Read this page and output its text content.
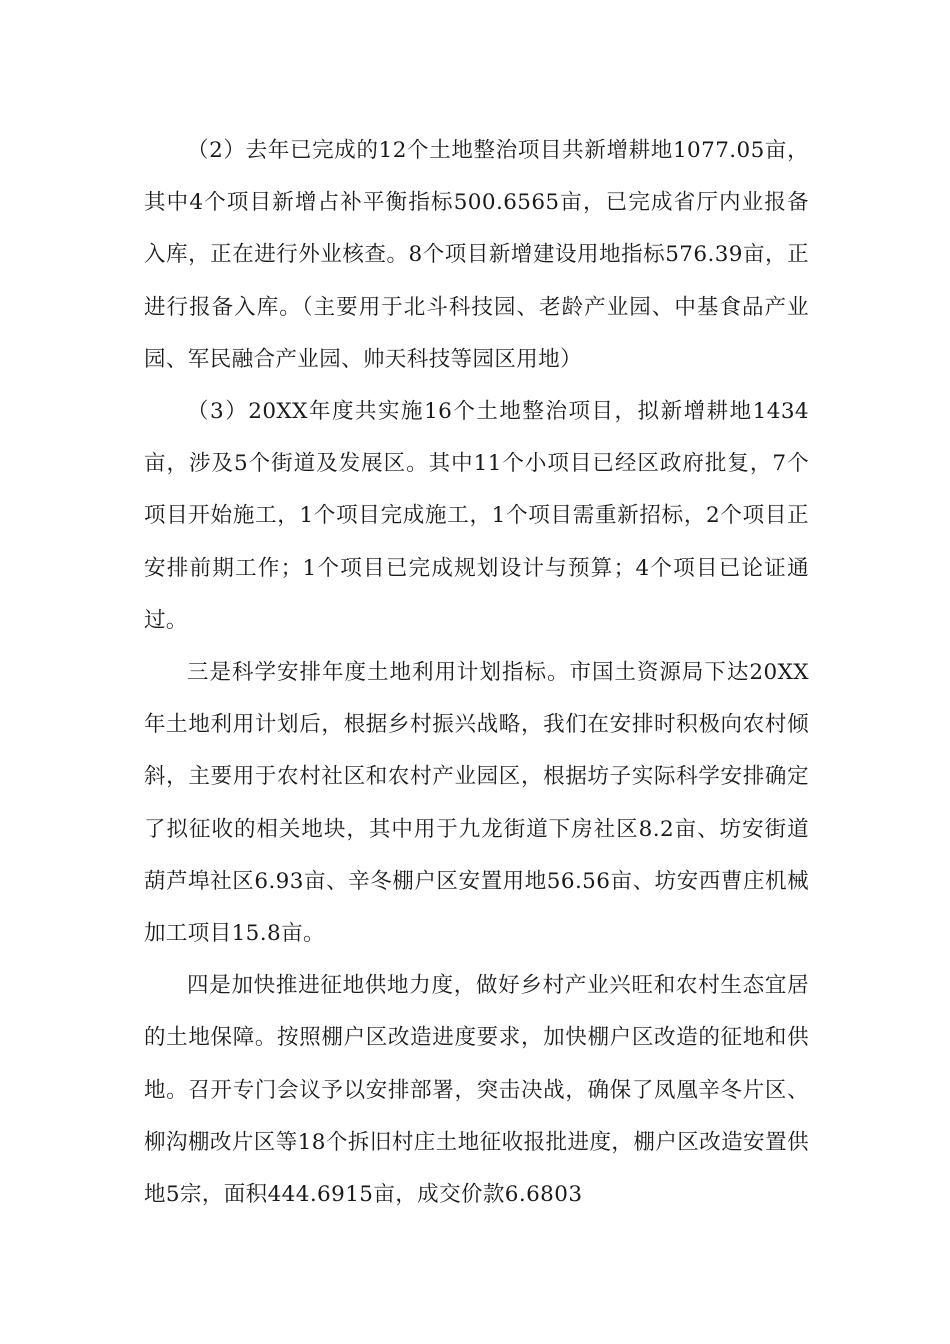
（2）去年已完成的12个土地整治项目共新增耕地1077.05亩，其中4个项目新增占补平衡指标500.6565亩，已完成省厅内业报备入库，正在进行外业核查。8个项目新增建设用地指标576.39亩，正进行报备入库。（主要用于北斗科技园、老龄产业园、中基食品产业园、军民融合产业园、帅天科技等园区用地）

（3）20XX年度共实施16个土地整治项目，拟新增耕地1434亩，涉及5个街道及发展区。其中11个小项目已经区政府批复，7个项目开始施工，1个项目完成施工，1个项目需重新招标，2个项目正安排前期工作；1个项目已完成规划设计与预算；4个项目已论证通过。

三是科学安排年度土地利用计划指标。市国土资源局下达20XX年土地利用计划后，根据乡村振兴战略，我们在安排时积极向农村倾斜，主要用于农村社区和农村产业园区，根据坊子实际科学安排确定了拟征收的相关地块，其中用于九龙街道下房社区8.2亩、坊安街道葫芦埠社区6.93亩、辛冬棚户区安置用地56.56亩、坊安西曹庄机械加工项目15.8亩。

四是加快推进征地供地力度，做好乡村产业兴旺和农村生态宜居的土地保障。按照棚户区改造进度要求，加快棚户区改造的征地和供地。召开专门会议予以安排部署，突击决战，确保了凤凰辛冬片区、柳沟棚改片区等18个拆旧村庄土地征收报批进度，棚户区改造安置供地5宗，面积444.6915亩，成交价款6.6803
